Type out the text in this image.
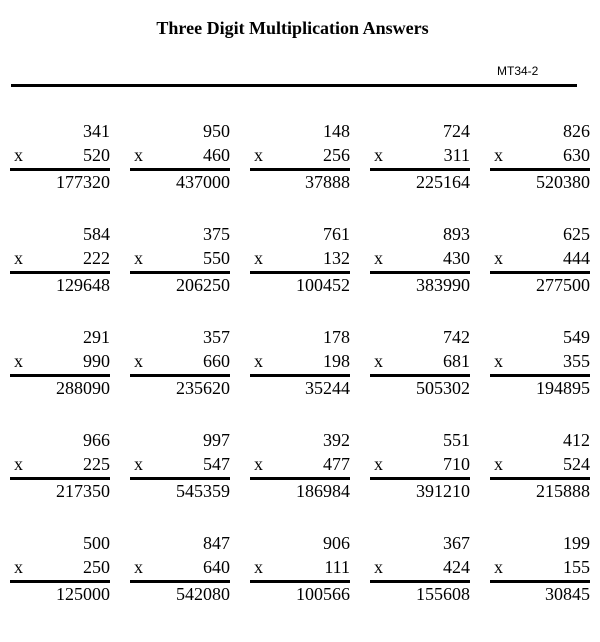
Three Digit Multiplication Answers
MT34-2
341
x	520
177320
950
x	460
437000
148
x	256
37888
724
x	311
225164
826
x	630
520380
584
x	222
129648
375
x	550
206250
761
x	132
100452
893
x	430
383990
625
x	444
277500
291
x	990
288090
357
x	660
235620
178
x	198
35244
742
x	681
505302
549
x	355
194895
966
x	225
217350
997
x	547
545359
392
x	477
186984
551
x	710
391210
412
x	524
215888
500
x	250
125000
847
x	640
542080
906
x	111
100566
367
x	424
155608
199
x	155
30845
